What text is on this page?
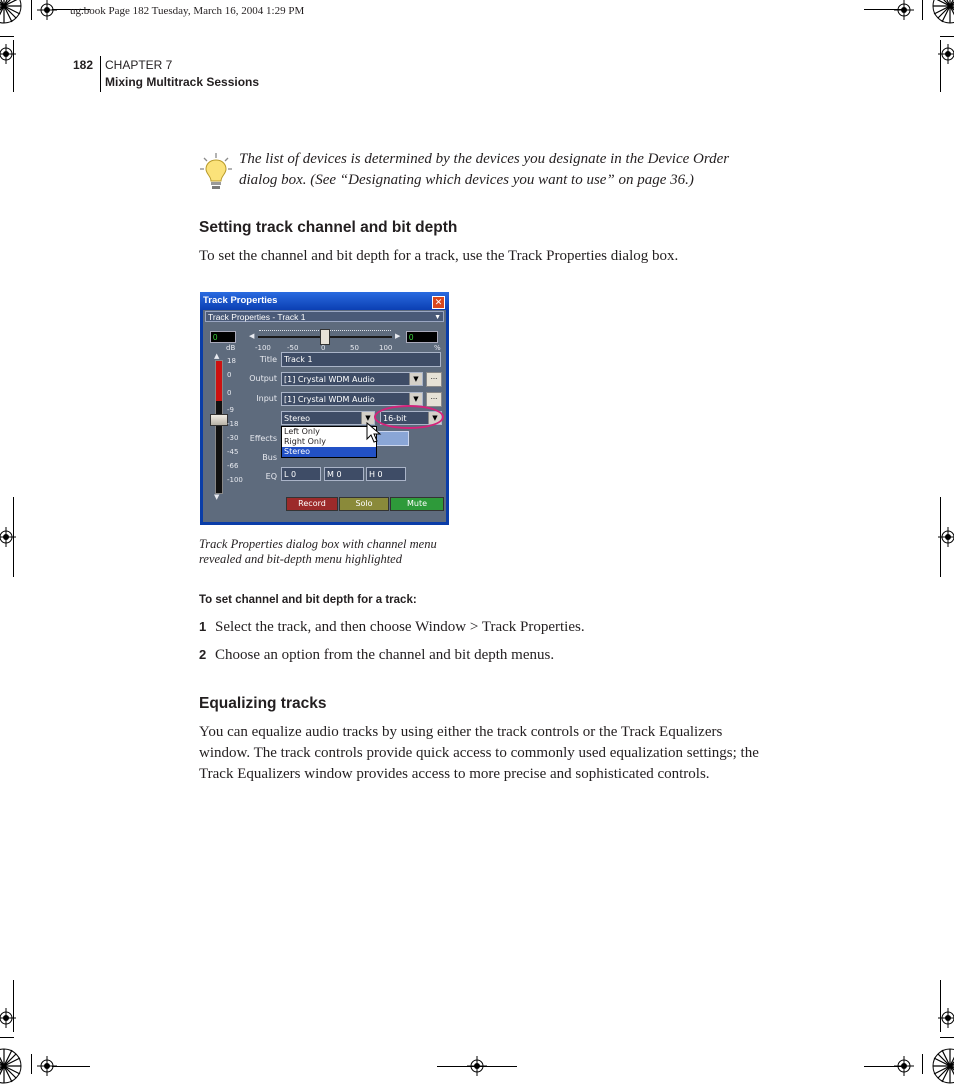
ug.book Page 182 Tuesday, March 16, 2004 1:29 PM
182 CHAPTER 7
Mixing Multitrack Sessions
The list of devices is determined by the devices you designate in the Device Order dialog box. (See “Designating which devices you want to use” on page 36.)
Setting track channel and bit depth
To set the channel and bit depth for a track, use the Track Properties dialog box.
Track Properties	✕
Track Properties - Track 1	▼
0	0
◀	▶
-100 -50	0	50	100
dB	%
▲
▼
18
0
0
-9
-18
-30
-45
-66
-100
Title Track 1
Output [1] Crystal WDM Audio	▼	...
Input [1] Crystal WDM Audio	▼	...
Stereo	▼	16-bit	▼
Effects
Bus
Left Only
Right Only
Stereo
EQ L 0	M 0	H 0
Record	Solo	Mute
Track Properties dialog box with channel menu revealed and bit-depth menu highlighted
To set channel and bit depth for a track:
1 Select the track, and then choose Window > Track Properties.
2 Choose an option from the channel and bit depth menus.
Equalizing tracks
You can equalize audio tracks by using either the track controls or the Track Equalizers window. The track controls provide quick access to commonly used equalization settings; the Track Equalizers window provides access to more precise and sophisticated controls.
